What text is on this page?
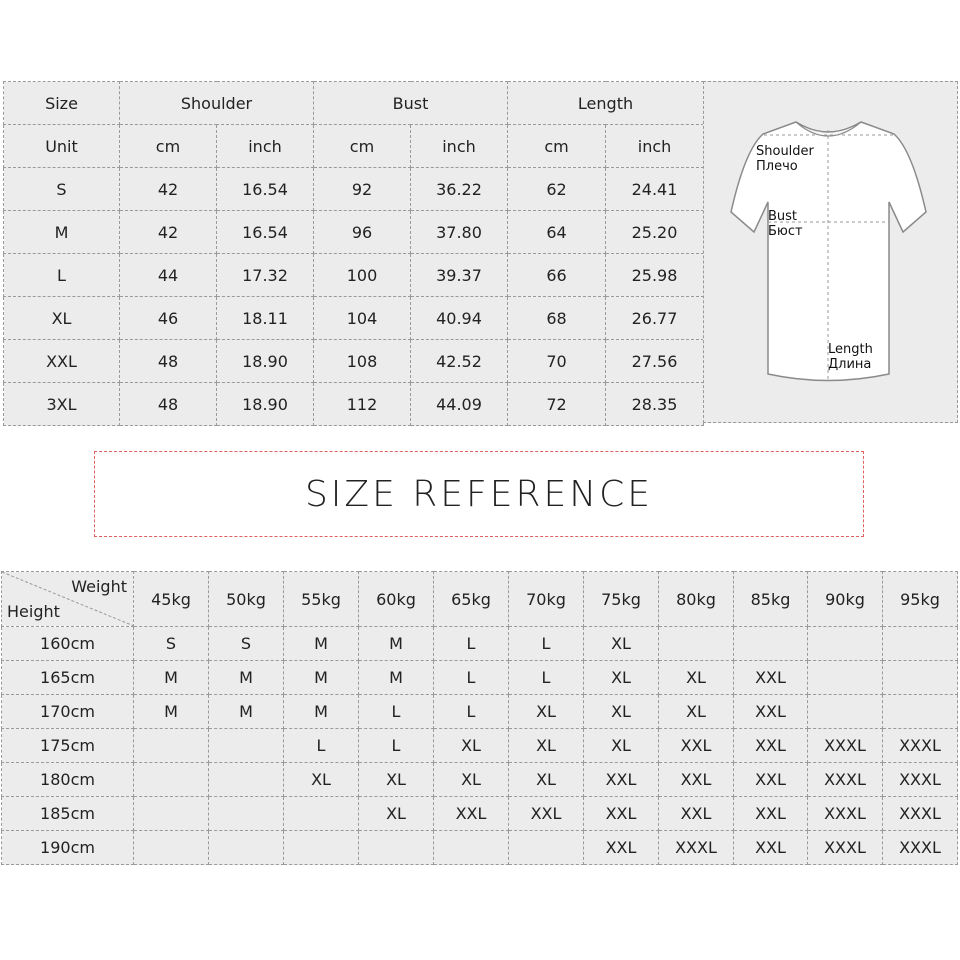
Size	Shoulder		Bust		Length	
Unit	cm	inch	cm	inch	cm	inch
S	42	16.54	92	36.22	62	24.41
M	42	16.54	96	37.80	64	25.20
L	44	17.32	100	39.37	66	25.98
XL	46	18.11	104	40.94	68	26.77
XXL	48	18.90	108	42.52	70	27.56
3XL	48	18.90	112	44.09	72	28.35
Shoulder
Плечо
Bust
Бюст
Length
Длина
SIZE REFERENCE
Weight
Height	45kg	50kg	55kg	60kg	65kg	70kg	75kg	80kg	85kg	90kg	95kg
160cm	S	S	M	M	L	L	XL				
165cm	M	M	M	M	L	L	XL	XL	XXL		
170cm	M	M	M	L	L	XL	XL	XL	XXL		
175cm			L	L	XL	XL	XL	XXL	XXL	XXXL	XXXL
180cm			XL	XL	XL	XL	XXL	XXL	XXL	XXXL	XXXL
185cm				XL	XXL	XXL	XXL	XXL	XXL	XXXL	XXXL
190cm							XXL	XXXL	XXL	XXXL	XXXL
